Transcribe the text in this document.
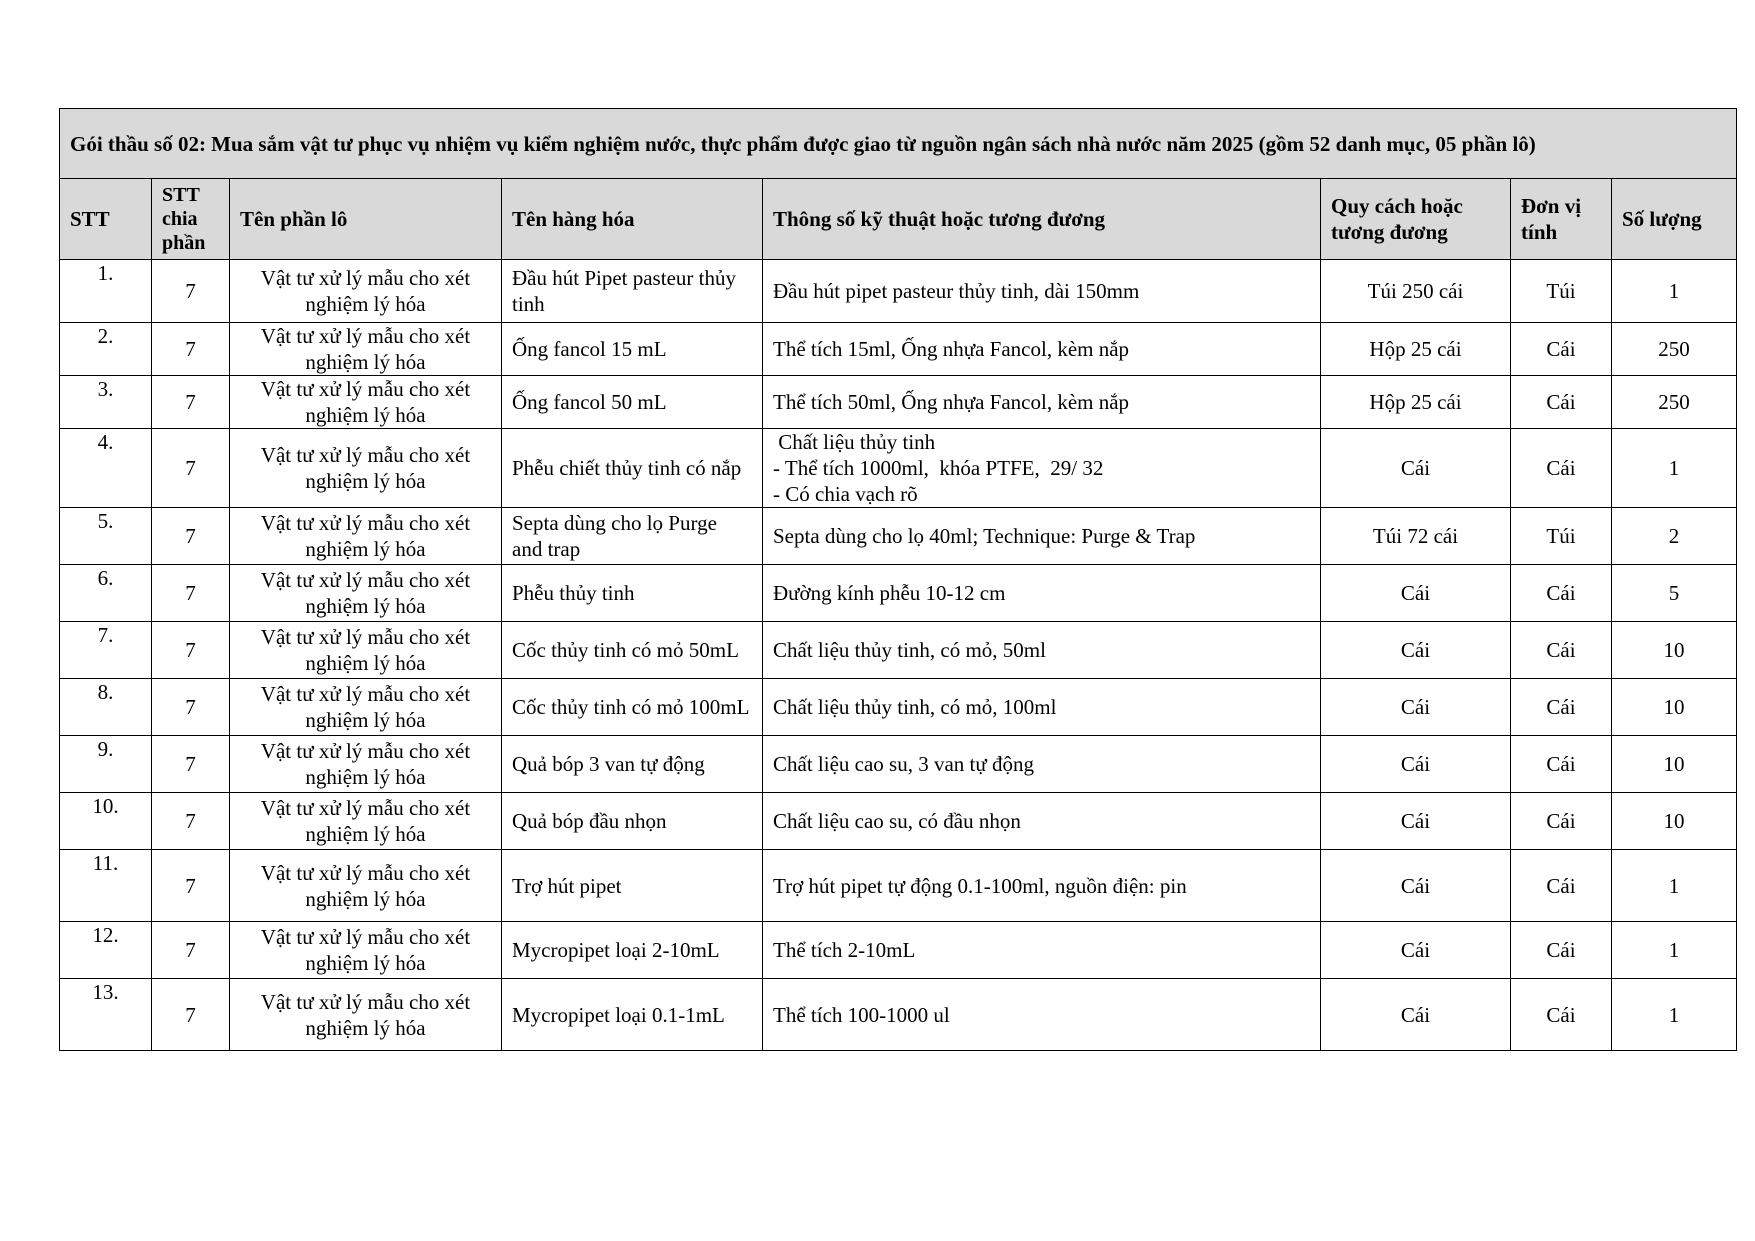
Gói thầu số 02: Mua sắm vật tư phục vụ nhiệm vụ kiểm nghiệm nước, thực phẩm được giao từ nguồn ngân sách nhà nước năm 2025 (gồm 52 danh mục, 05 phần lô)							
STT	STT chia phần	Tên phần lô	Tên hàng hóa	Thông số kỹ thuật hoặc tương đương	Quy cách hoặc tương đương	Đơn vị tính	Số lượng
1.	7	Vật tư xử lý mẫu cho xét nghiệm lý hóa	Đầu hút Pipet pasteur thủy tinh	Đầu hút pipet pasteur thủy tinh, dài 150mm	Túi 250 cái	Túi	1
2.	7	Vật tư xử lý mẫu cho xét nghiệm lý hóa	Ống fancol 15 mL	Thể tích 15ml, Ống nhựa Fancol, kèm nắp	Hộp 25 cái	Cái	250
3.	7	Vật tư xử lý mẫu cho xét nghiệm lý hóa	Ống fancol 50 mL	Thể tích 50ml, Ống nhựa Fancol, kèm nắp	Hộp 25 cái	Cái	250
4.	7	Vật tư xử lý mẫu cho xét nghiệm lý hóa	Phễu chiết thủy tinh có nắp	Chất liệu thủy tinh
- Thể tích 1000ml,  khóa PTFE,  29/ 32
- Có chia vạch rõ	Cái	Cái	1
5.	7	Vật tư xử lý mẫu cho xét nghiệm lý hóa	Septa dùng cho lọ Purge and trap	Septa dùng cho lọ 40ml; Technique: Purge & Trap	Túi 72 cái	Túi	2
6.	7	Vật tư xử lý mẫu cho xét nghiệm lý hóa	Phễu thủy tinh	Đường kính phễu 10-12 cm	Cái	Cái	5
7.	7	Vật tư xử lý mẫu cho xét nghiệm lý hóa	Cốc thủy tinh có mỏ 50mL	Chất liệu thủy tinh, có mỏ, 50ml	Cái	Cái	10
8.	7	Vật tư xử lý mẫu cho xét nghiệm lý hóa	Cốc thủy tinh có mỏ 100mL	Chất liệu thủy tinh, có mỏ, 100ml	Cái	Cái	10
9.	7	Vật tư xử lý mẫu cho xét nghiệm lý hóa	Quả bóp 3 van tự động	Chất liệu cao su, 3 van tự động	Cái	Cái	10
10.	7	Vật tư xử lý mẫu cho xét nghiệm lý hóa	Quả bóp đầu nhọn	Chất liệu cao su, có đầu nhọn	Cái	Cái	10
11.	7	Vật tư xử lý mẫu cho xét nghiệm lý hóa	Trợ hút pipet	Trợ hút pipet tự động 0.1-100ml, nguồn điện: pin	Cái	Cái	1
12.	7	Vật tư xử lý mẫu cho xét nghiệm lý hóa	Mycropipet loại 2-10mL	Thể tích 2-10mL	Cái	Cái	1
13.	7	Vật tư xử lý mẫu cho xét nghiệm lý hóa	Mycropipet loại 0.1-1mL	Thể tích 100-1000 ul	Cái	Cái	1
